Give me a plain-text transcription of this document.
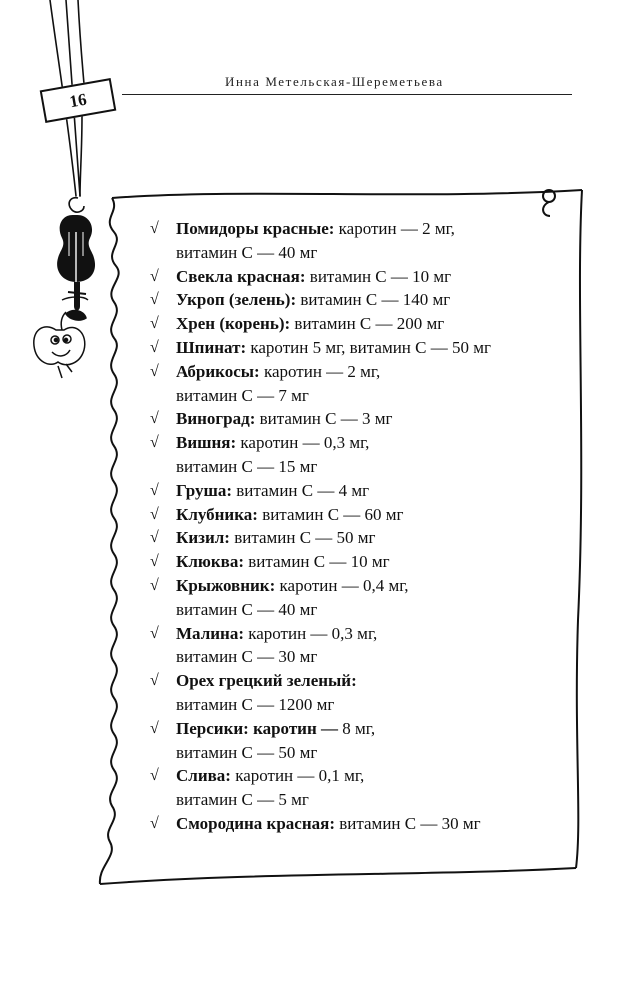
Инна Метельская-Шереметьева
16
√ Помидоры красные: каротин — 2 мг,
витамин С — 40 мг
√ Свекла красная: витамин С — 10 мг
√ Укроп (зелень): витамин С — 140 мг
√ Хрен (корень): витамин С — 200 мг
√ Шпинат: каротин 5 мг, витамин С — 50 мг
√ Абрикосы: каротин — 2 мг,
витамин С — 7 мг
√ Виноград: витамин С — 3 мг
√ Вишня: каротин — 0,3 мг,
витамин С — 15 мг
√ Груша: витамин С — 4 мг
√ Клубника: витамин С — 60 мг
√ Кизил: витамин С — 50 мг
√ Клюква: витамин С — 10 мг
√ Крыжовник: каротин — 0,4 мг,
витамин С — 40 мг
√ Малина: каротин — 0,3 мг,
витамин С — 30 мг
√ Орех грецкий зеленый:
витамин С — 1200 мг
√ Персики: каротин — 8 мг,
витамин С — 50 мг
√ Слива: каротин — 0,1 мг,
витамин С — 5 мг
√ Смородина красная: витамин С — 30 мг
